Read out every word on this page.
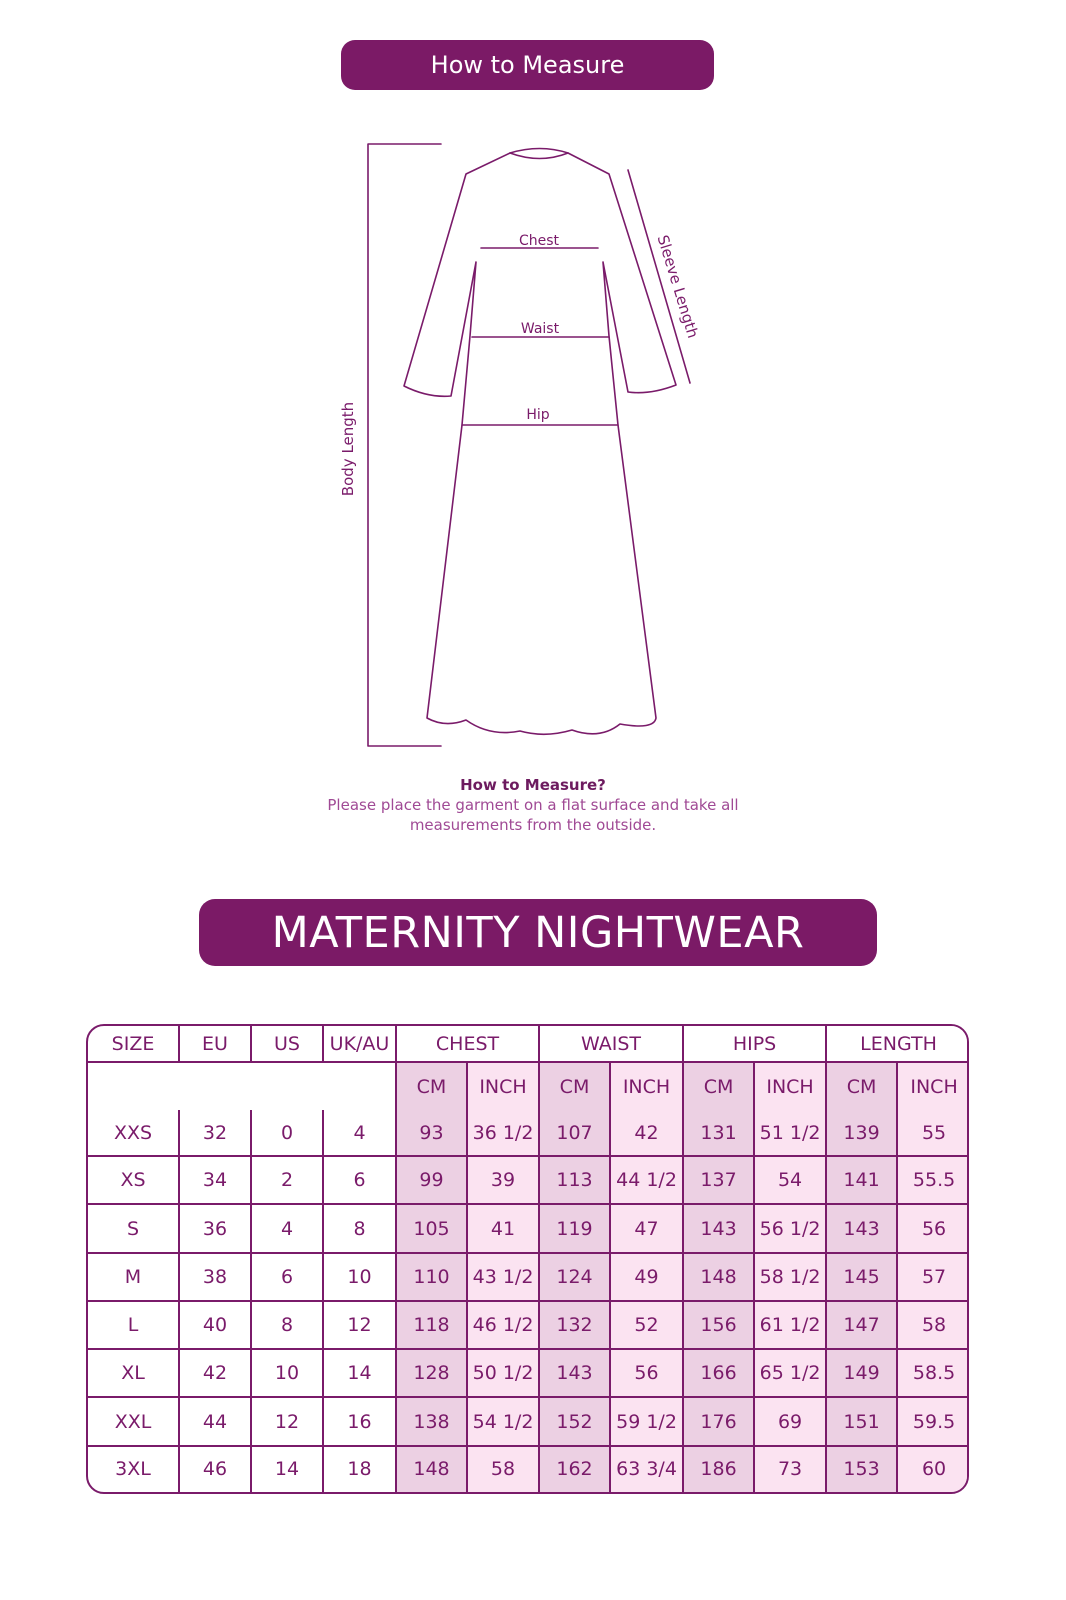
How to Measure
Chest
Waist
Hip
Sleeve Length
Body Length
How to Measure?
Please place the garment on a flat surface and take all measurements from the outside.
MATERNITY NIGHTWEAR
SIZE	EU	US	UK/AU	CHEST		WAIST		HIPS		LENGTH	
				CM	INCH	CM	INCH	CM	INCH	CM	INCH
XXS	32	0	4	93	36 1/2	107	42	131	51 1/2	139	55
XS	34	2	6	99	39	113	44 1/2	137	54	141	55.5
S	36	4	8	105	41	119	47	143	56 1/2	143	56
M	38	6	10	110	43 1/2	124	49	148	58 1/2	145	57
L	40	8	12	118	46 1/2	132	52	156	61 1/2	147	58
XL	42	10	14	128	50 1/2	143	56	166	65 1/2	149	58.5
XXL	44	12	16	138	54 1/2	152	59 1/2	176	69	151	59.5
3XL	46	14	18	148	58	162	63 3/4	186	73	153	60
